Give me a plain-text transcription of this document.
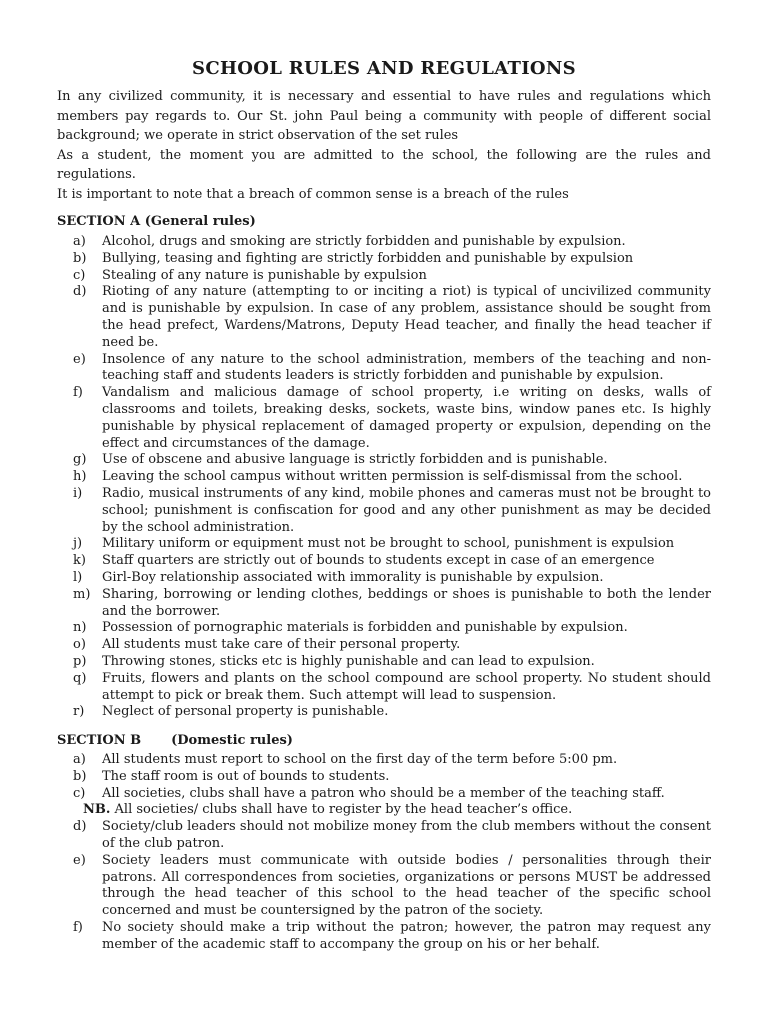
SCHOOL RULES AND REGULATIONS

In any civilized community, it is necessary and essential to have rules and regulations which members pay regards to. Our St. john Paul being a community with people of different social background; we operate in strict observation of the set rules

As a student, the moment you are admitted to the school, the following are the rules and regulations.

It is important to note that a breach of common sense is a breach of the rules

SECTION A (General rules)
a) Alcohol, drugs and smoking are strictly forbidden and punishable by expulsion.
b) Bullying, teasing and fighting are strictly forbidden and punishable by expulsion
c) Stealing of any nature is punishable by expulsion
d) Rioting of any nature (attempting to or inciting a riot) is typical of uncivilized community and is punishable by expulsion. In case of any problem, assistance should be sought from the head prefect, Wardens/Matrons, Deputy Head teacher, and finally the head teacher if need be.
e) Insolence of any nature to the school administration, members of the teaching and non-teaching staff and students leaders is strictly forbidden and punishable by expulsion.
f) Vandalism and malicious damage of school property, i.e writing on desks, walls of classrooms and toilets, breaking desks, sockets, waste bins, window panes etc. Is highly punishable by physical replacement of damaged property or expulsion, depending on the effect and circumstances of the damage.
g) Use of obscene and abusive language is strictly forbidden and is punishable.
h) Leaving the school campus without written permission is self-dismissal from the school.
i) Radio, musical instruments of any kind, mobile phones and cameras must not be brought to school; punishment is confiscation for good and any other punishment as may be decided by the school administration.
j) Military uniform or equipment must not be brought to school, punishment is expulsion
k) Staff quarters are strictly out of bounds to students except in case of an emergence
l) Girl-Boy relationship associated with immorality is punishable by expulsion.
m) Sharing, borrowing or lending clothes, beddings or shoes is punishable to both the lender and the borrower.
n) Possession of pornographic materials is forbidden and punishable by expulsion.
o) All students must take care of their personal property.
p) Throwing stones, sticks etc is highly punishable and can lead to expulsion.
q) Fruits, flowers and plants on the school compound are school property. No student should attempt to pick or break them. Such attempt will lead to suspension.
r) Neglect of personal property is punishable.
SECTION B (Domestic rules)
a) All students must report to school on the first day of the term before 5:00 pm.
b) The staff room is out of bounds to students.
c) All societies, clubs shall have a patron who should be a member of the teaching staff.
NB. All societies/ clubs shall have to register by the head teacher’s office.
d) Society/club leaders should not mobilize money from the club members without the consent of the club patron.
e) Society leaders must communicate with outside bodies / personalities through their patrons. All correspondences from societies, organizations or persons MUST be addressed through the head teacher of this school to the head teacher of the specific school concerned and must be countersigned by the patron of the society.
f) No society should make a trip without the patron; however, the patron may request any member of the academic staff to accompany the group on his or her behalf.
